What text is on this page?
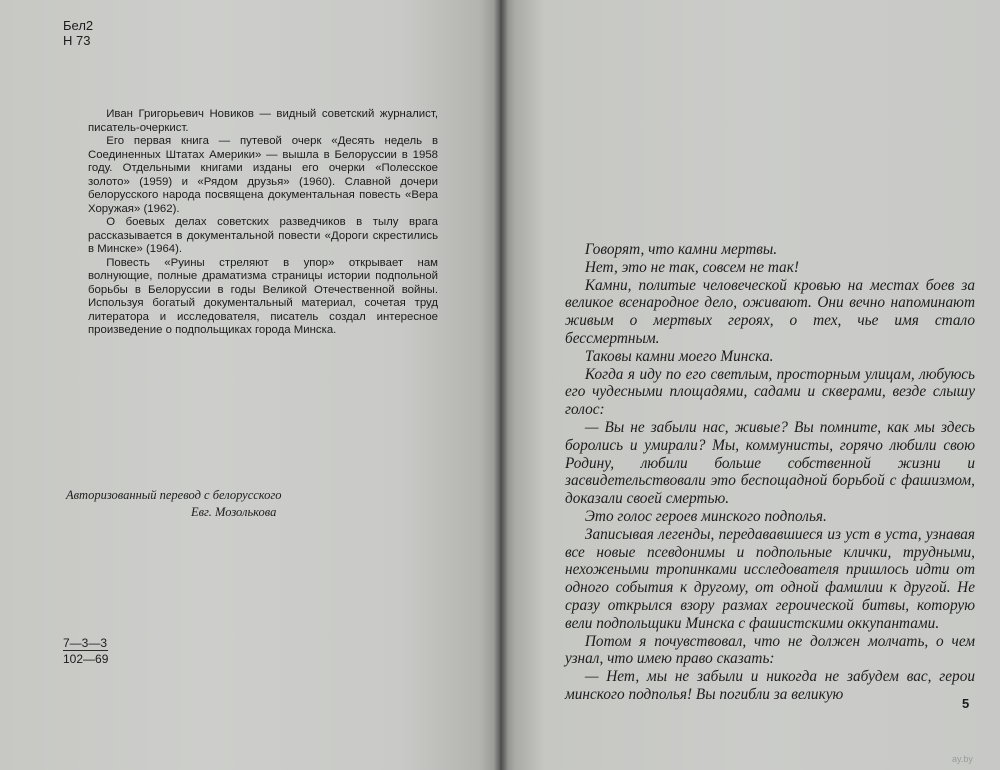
Бел2
Н 73

Иван Григорьевич Новиков — видный советский журналист, писатель-очеркист.

Его первая книга — путевой очерк «Десять недель в Соединенных Штатах Америки» — вышла в Белоруссии в 1958 году. Отдельными книгами изданы его очерки «Полесское золото» (1959) и «Рядом друзья» (1960). Славной дочери белорусского народа посвящена документальная повесть «Вера Хоружая» (1962).

О боевых делах советских разведчиков в тылу врага рассказывается в документальной повести «Дороги скрестились в Минске» (1964).

Повесть «Руины стреляют в упор» открывает нам волнующие, полные драматизма страницы истории подпольной борьбы в Белоруссии в годы Великой Отечественной войны. Используя богатый документальный материал, сочетая труд литератора и исследователя, писатель создал интересное произведение о подпольщиках города Минска.

Авторизованный перевод с белорусского
Евг. Мозолькова
7—3—3
102—69

Говорят, что камни мертвы.

Нет, это не так, совсем не так!

Камни, политые человеческой кровью на местах боев за великое всенародное дело, оживают. Они вечно напоминают живым о мертвых героях, о тех, чье имя стало бессмертным.

Таковы камни моего Минска.

Когда я иду по его светлым, просторным улицам, любуюсь его чудесными площадями, садами и скверами, везде слышу голос:

— Вы не забыли нас, живые? Вы помните, как мы здесь боролись и умирали? Мы, коммунисты, горячо любили свою Родину, любили больше собственной жизни и засвидетельствовали это беспощадной борьбой с фашизмом, доказали своей смертью.

Это голос героев минского подполья.

Записывая легенды, передававшиеся из уст в уста, узнавая все новые псевдонимы и подпольные клички, трудными, нехожеными тропинками исследователя пришлось идти от одного события к другому, от одной фамилии к другой. Не сразу открылся взору размах героической битвы, которую вели подпольщики Минска с фашистскими оккупантами.

Потом я почувствовал, что не должен молчать, о чем узнал, что имею право сказать:

— Нет, мы не забыли и никогда не забудем вас, герои минского подполья! Вы погибли за великую

5
ay.by
